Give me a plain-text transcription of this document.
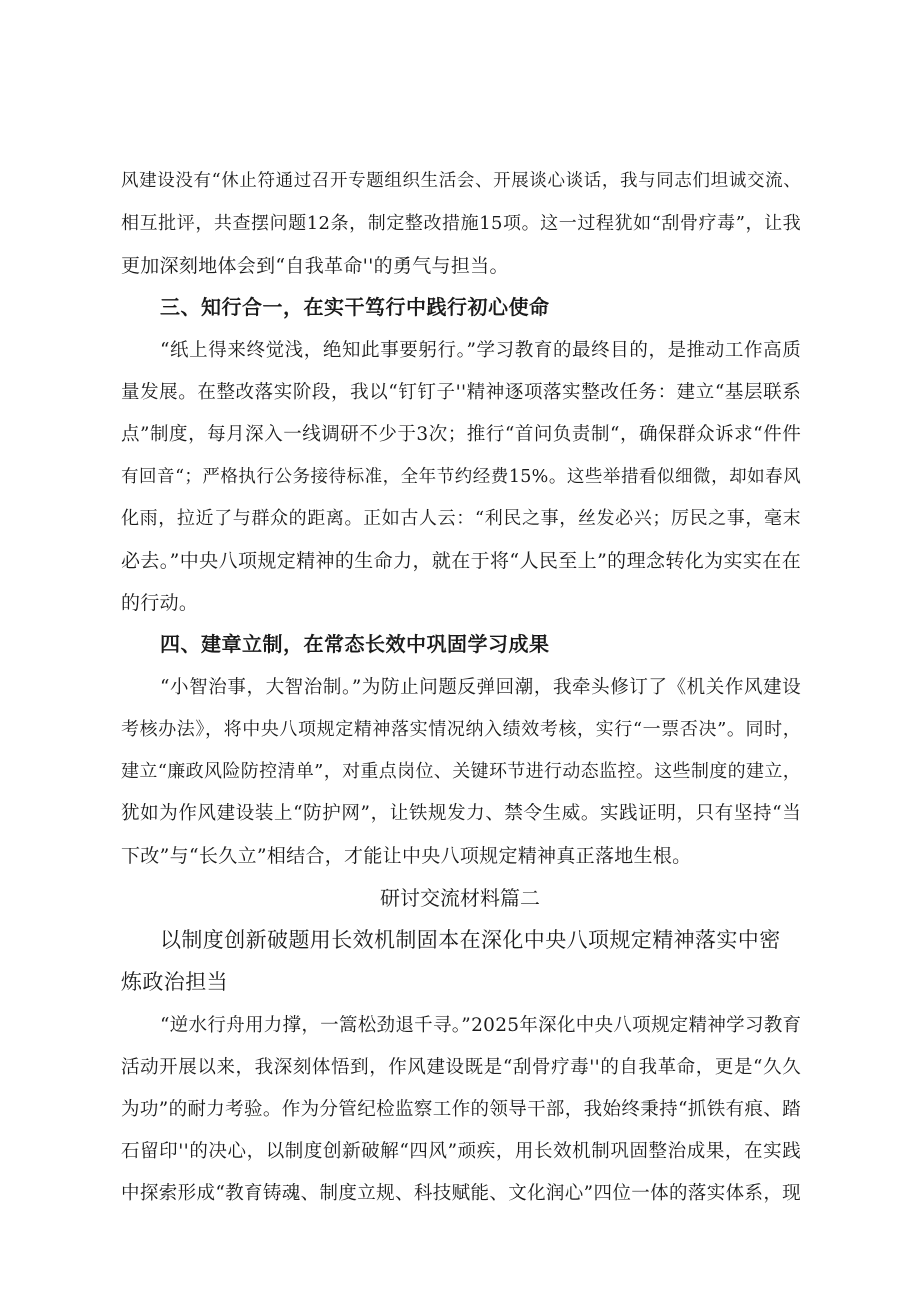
风建设没有“休止符通过召开专题组织生活会、开展谈心谈话，我与同志们坦诚交流、
相互批评，共查摆问题12条，制定整改措施15项。这一过程犹如“刮骨疗毒”，让我
更加深刻地体会到“自我革命''的勇气与担当。
三、知行合一，在实干笃行中践行初心使命
“纸上得来终觉浅，绝知此事要躬行。”学习教育的最终目的，是推动工作高质
量发展。在整改落实阶段，我以“钉钉子''精神逐项落实整改任务：建立“基层联系
点”制度，每月深入一线调研不少于3次；推行“首问负责制“，确保群众诉求“件件
有回音“；严格执行公务接待标准，全年节约经费15%。这些举措看似细微，却如春风
化雨，拉近了与群众的距离。正如古人云：“利民之事，丝发必兴；厉民之事，毫末
必去。”中央八项规定精神的生命力，就在于将“人民至上”的理念转化为实实在在
的行动。
四、建章立制，在常态长效中巩固学习成果
“小智治事，大智治制。”为防止问题反弹回潮，我牵头修订了《机关作风建设
考核办法》，将中央八项规定精神落实情况纳入绩效考核，实行“一票否决”。同时，
建立“廉政风险防控清单”，对重点岗位、关键环节进行动态监控。这些制度的建立，
犹如为作风建设装上“防护网”，让铁规发力、禁令生威。实践证明，只有坚持“当
下改”与“长久立”相结合，才能让中央八项规定精神真正落地生根。
研讨交流材料篇二
以制度创新破题用长效机制固本在深化中央八项规定精神落实中密
炼政治担当
“逆水行舟用力撑，一篙松劲退千寻。”2025年深化中央八项规定精神学习教育
活动开展以来，我深刻体悟到，作风建设既是“刮骨疗毒''的自我革命，更是“久久
为功”的耐力考验。作为分管纪检监察工作的领导干部，我始终秉持“抓铁有痕、踏
石留印''的决心，以制度创新破解“四风”顽疾，用长效机制巩固整治成果，在实践
中探索形成“教育铸魂、制度立规、科技赋能、文化润心”四位一体的落实体系，现
